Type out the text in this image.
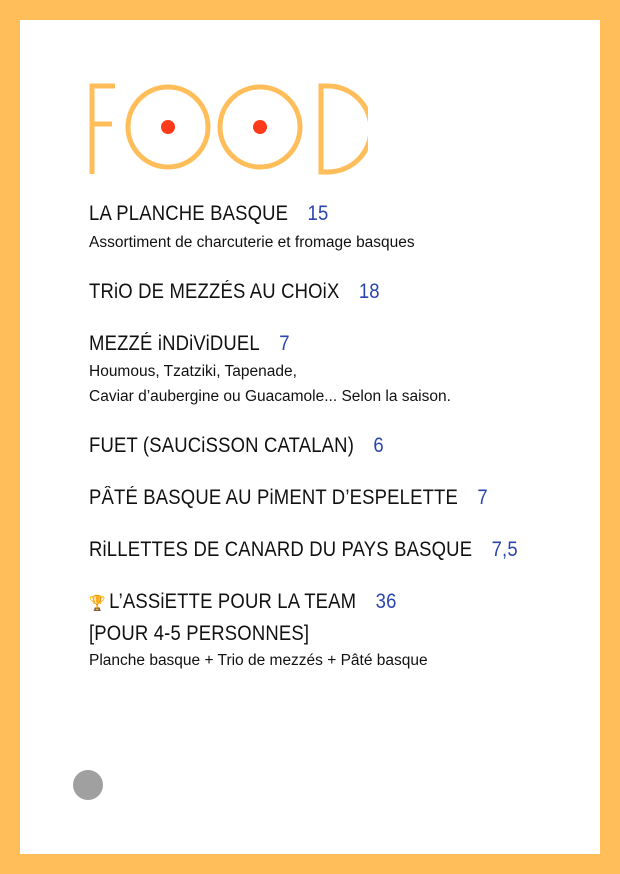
LA PLANCHE BASQUE 15
Assortiment de charcuterie et fromage basques
TRiO DE MEZZÉS AU CHOiX 18
MEZZÉ iNDiViDUEL 7
Houmous, Tzatziki, Tapenade,
Caviar d’aubergine ou Guacamole... Selon la saison.
FUET (SAUCiSSON CATALAN) 6
PÂTÉ BASQUE AU PiMENT D’ESPELETTE 7
RiLLETTES DE CANARD DU PAYS BASQUE 7,5
🏆 L’ASSiETTE POUR LA TEAM 36
[POUR 4-5 PERSONNES]
Planche basque + Trio de mezzés + Pâté basque
